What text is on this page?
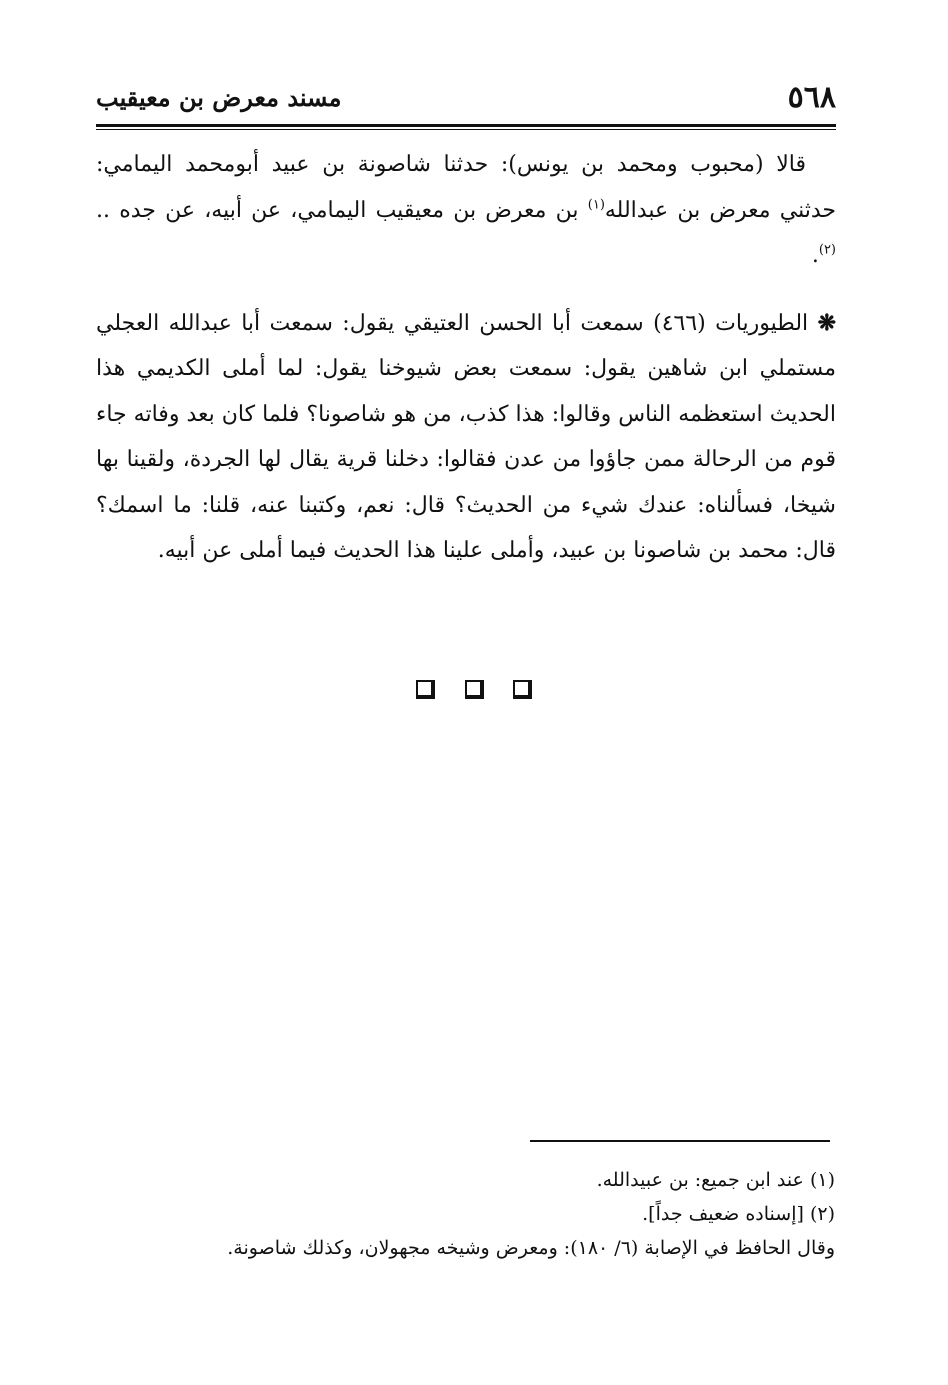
٥٦٨
مسند معرض بن معيقيب

قالا (محبوب ومحمد بن يونس): حدثنا شاصونة بن عبيد أبومحمد اليمامي: حدثني معرض بن عبدالله$^{(١)}$ بن معرض بن معيقيب اليمامي، عن أبيه، عن جده .. $^{(٢)}$.

❋ الطيوريات (٤٦٦) سمعت أبا الحسن العتيقي يقول: سمعت أبا عبدالله العجلي مستملي ابن شاهين يقول: سمعت بعض شيوخنا يقول: لما أملى الكديمي هذا الحديث استعظمه الناس وقالوا: هذا كذب، من هو شاصونا؟ فلما كان بعد وفاته جاء قوم من الرحالة ممن جاؤوا من عدن فقالوا: دخلنا قرية يقال لها الجردة، ولقينا بها شيخا، فسألناه: عندك شيء من الحديث؟ قال: نعم، وكتبنا عنه، قلنا: ما اسمك؟ قال: محمد بن شاصونا بن عبيد، وأملى علينا هذا الحديث فيما أملى عن أبيه.

(١) عند ابن جميع: بن عبيدالله.

(٢) [إسناده ضعيف جداً].

وقال الحافظ في الإصابة (٦/ ١٨٠): ومعرض وشيخه مجهولان، وكذلك شاصونة.
